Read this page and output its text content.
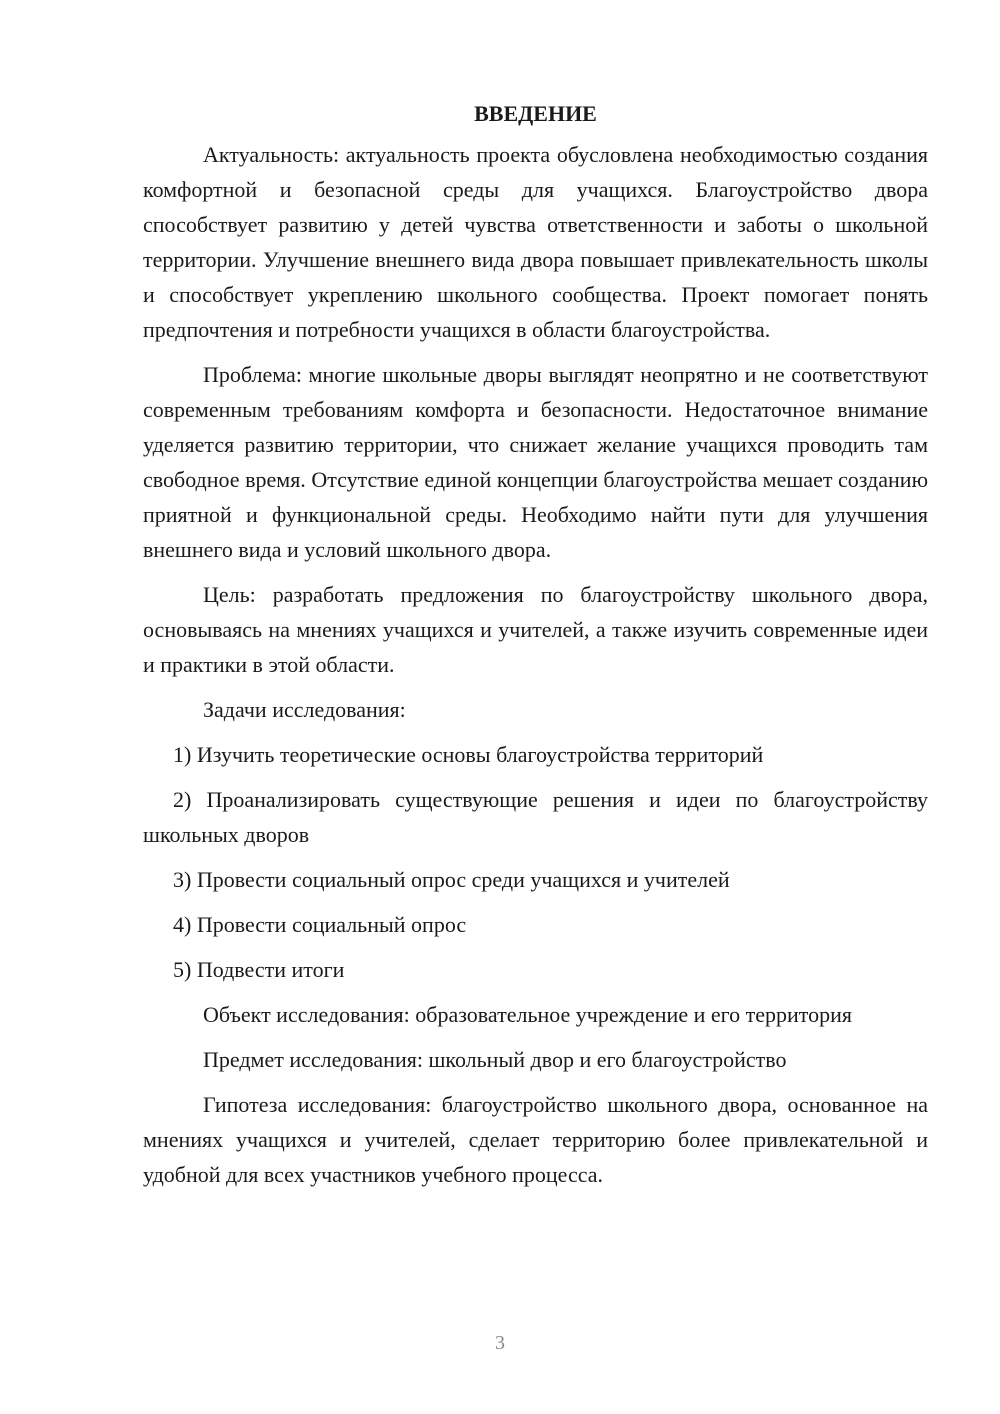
ВВЕДЕНИЕ

Актуальность: актуальность проекта обусловлена необходимостью создания комфортной и безопасной среды для учащихся. Благоустройство двора способствует развитию у детей чувства ответственности и заботы о школьной территории. Улучшение внешнего вида двора повышает привлекательность школы и способствует укреплению школьного сообщества. Проект помогает понять предпочтения и потребности учащихся в области благоустройства.

Проблема: многие школьные дворы выглядят неопрятно и не соответствуют современным требованиям комфорта и безопасности. Недостаточное внимание уделяется развитию территории, что снижает желание учащихся проводить там свободное время. Отсутствие единой концепции благоустройства мешает созданию приятной и функциональной среды. Необходимо найти пути для улучшения внешнего вида и условий школьного двора.

Цель: разработать предложения по благоустройству школьного двора, основываясь на мнениях учащихся и учителей, а также изучить современные идеи и практики в этой области.

Задачи исследования:

1) Изучить теоретические основы благоустройства территорий

2) Проанализировать существующие решения и идеи по благоустройству школьных дворов

3) Провести социальный опрос среди учащихся и учителей

4) Провести социальный опрос

5) Подвести итоги

Объект исследования: образовательное учреждение и его территория

Предмет исследования: школьный двор и его благоустройство

Гипотеза исследования: благоустройство школьного двора, основанное на мнениях учащихся и учителей, сделает территорию более привлекательной и удобной для всех участников учебного процесса.

3
